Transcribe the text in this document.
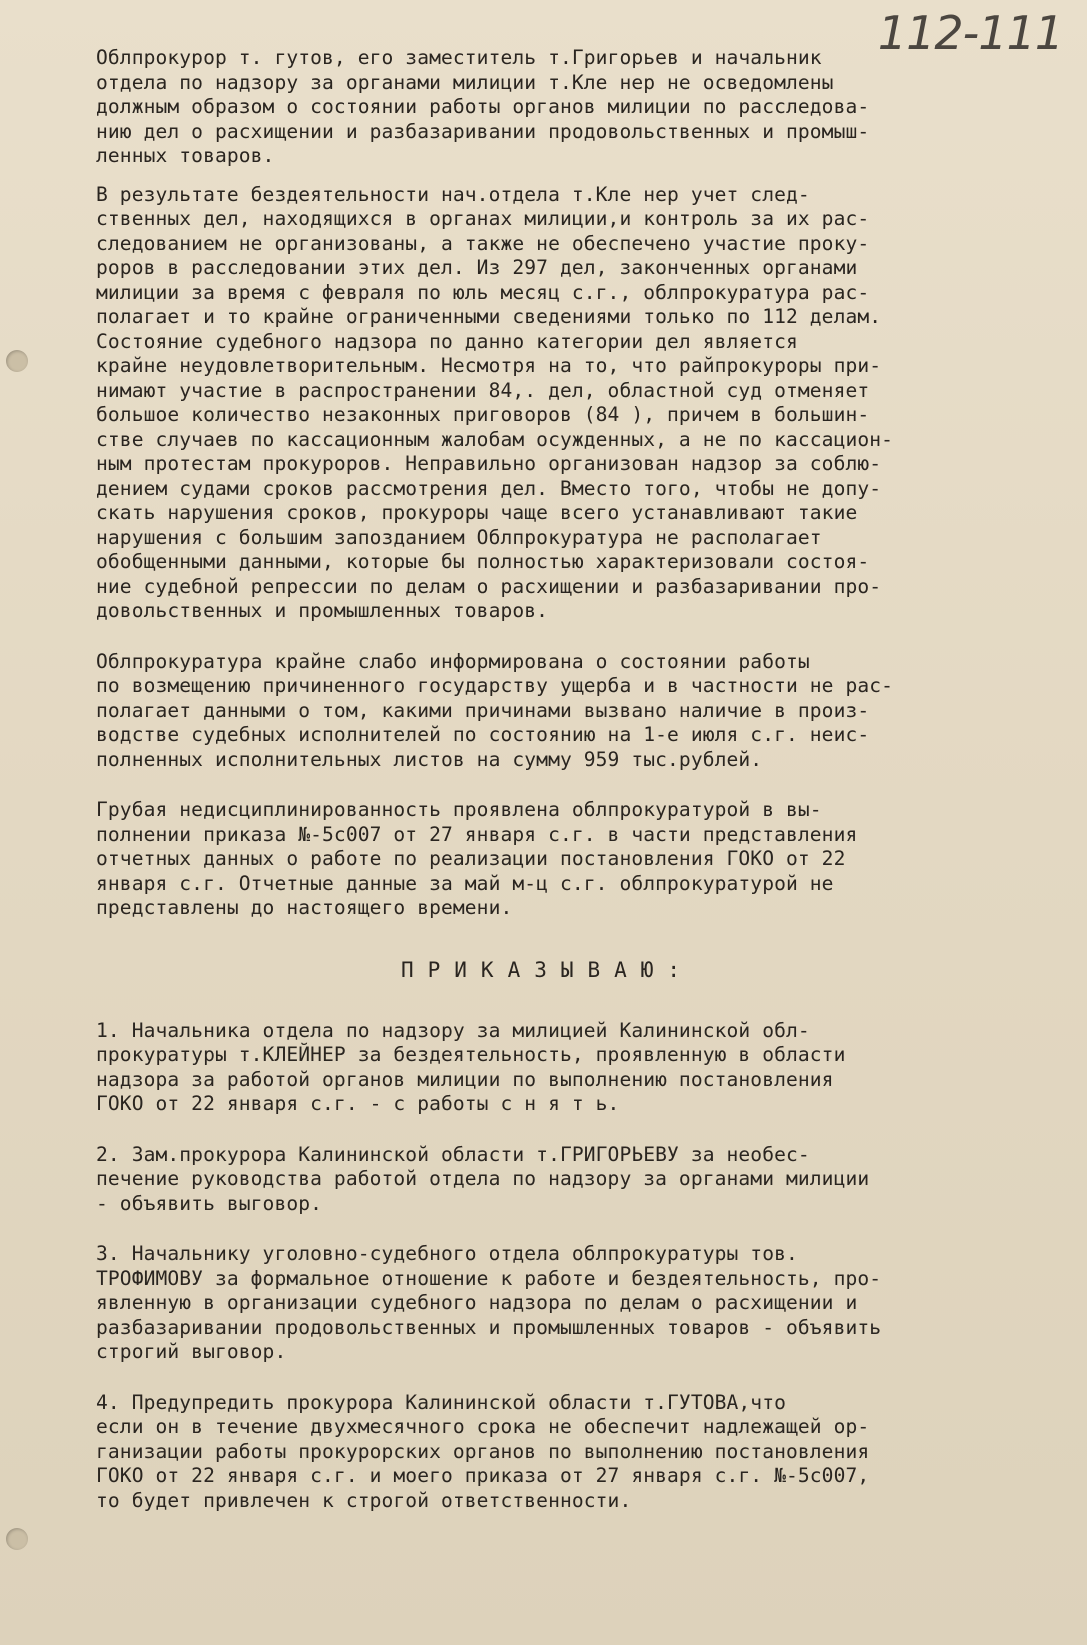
112-111

Облпрокурор т. гутов, его заместитель т.Григорьев и начальник
отдела по надзору за органами милиции т.Кле нер не осведомлены
должным образом о состоянии работы органов милиции по расследова-
нию дел о расхищении и разбазаривании продовольственных и промыш-
ленных товаров.

В результате бездеятельности нач.отдела т.Кле нер учет след-
ственных дел, находящихся в органах милиции,и контроль за их рас-
следованием не организованы, а также не обеспечено участие проку-
роров в расследовании этих дел. Из 297 дел, законченных органами
милиции за время с февраля по юль месяц с.г., облпрокуратура рас-
полагает и то крайне ограниченными сведениями только по 112 делам.
Состояние судебного надзора по данно категории дел является
крайне неудовлетворительным. Несмотря на то, что райпрокуроры при-
нимают участие в распространении 84,. дел, областной суд отменяет
большое количество незаконных приговоров (84 ), причем в большин-
стве случаев по кассационным жалобам осужденных, а не по кассацион-
ным протестам прокуроров. Неправильно организован надзор за соблю-
дением судами сроков рассмотрения дел. Вместо того, чтобы не допу-
скать нарушения сроков, прокуроры чаще всего устанавливают такие
нарушения с большим запозданием Облпрокуратура не располагает
обобщенными данными, которые бы полностью характеризовали состоя-
ние судебной репрессии по делам о расхищении и разбазаривании про-
довольственных и промышленных товаров.

Облпрокуратура крайне слабо информирована о состоянии работы
по возмещению причиненного государству ущерба и в частности не рас-
полагает данными о том, какими причинами вызвано наличие в произ-
водстве судебных исполнителей по состоянию на 1-е июля с.г. неис-
полненных исполнительных листов на сумму 959 тыс.рублей.

Грубая недисциплинированность проявлена облпрокуратурой в вы-
полнении приказа №-5с007 от 27 января с.г. в части представления
отчетных данных о работе по реализации постановления ГОКО от 22
января с.г. Отчетные данные за май м-ц с.г. облпрокуратурой не
представлены до настоящего времени.

ПРИКАЗЫВАЮ:

1. Начальника отдела по надзору за милицией Калининской обл-
прокуратуры т.КЛЕЙНЕР за бездеятельность, проявленную в области
надзора за работой органов милиции по выполнению постановления
ГОКО от 22 января с.г. - с работы с н я т ь.

2. Зам.прокурора Калининской области т.ГРИГОРЬЕВУ за необес-
печение руководства работой отдела по надзору за органами милиции
- объявить выговор.

3. Начальнику уголовно-судебного отдела облпрокуратуры тов.
ТРОФИМОВУ за формальное отношение к работе и бездеятельность, про-
явленную в организации судебного надзора по делам о расхищении и
разбазаривании продовольственных и промышленных товаров - объявить
строгий выговор.

4. Предупредить прокурора Калининской области т.ГУТОВА,что
если он в течение двухмесячного срока не обеспечит надлежащей ор-
ганизации работы прокурорских органов по выполнению постановления
ГОКО от 22 января с.г. и моего приказа от 27 января с.г. №-5с007,
то будет привлечен к строгой ответственности.
